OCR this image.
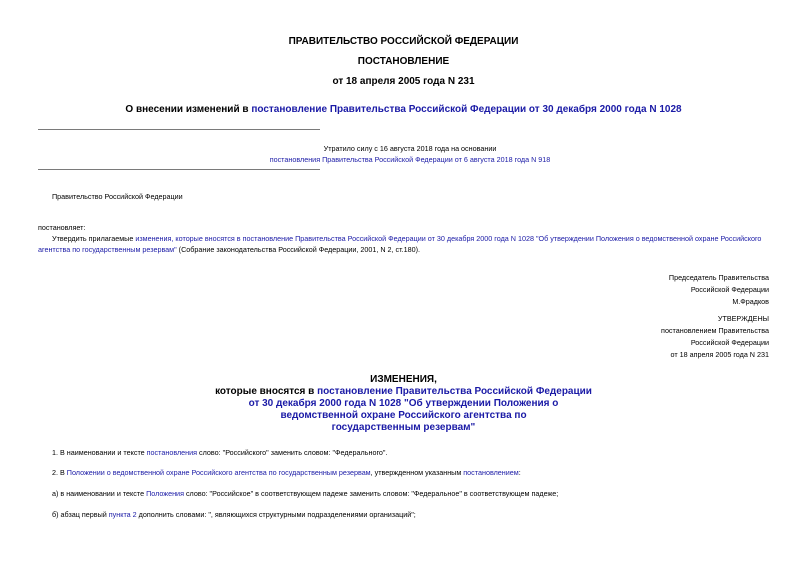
ПРАВИТЕЛЬСТВО РОССИЙСКОЙ ФЕДЕРАЦИИ
ПОСТАНОВЛЕНИЕ
от 18 апреля 2005 года N 231
О внесении изменений в постановление Правительства Российской Федерации от 30 декабря 2000 года N 1028
Утратило силу с 16 августа 2018 года на основании
постановления Правительства Российской Федерации от 6 августа 2018 года N 918
Правительство Российской Федерации
постановляет:
Утвердить прилагаемые изменения, которые вносятся в постановление Правительства Российской Федерации от 30 декабря 2000 года N 1028 "Об утверждении Положения о ведомственной охране Российского агентства по государственным резервам" (Собрание законодательства Российской Федерации, 2001, N 2, ст.180).
Председатель Правительства
Российской Федерации
М.Фрадков
УТВЕРЖДЕНЫ
постановлением Правительства
Российской Федерации
от 18 апреля 2005 года N 231
ИЗМЕНЕНИЯ,
которые вносятся в постановление Правительства Российской Федерации
от 30 декабря 2000 года N 1028 "Об утверждении Положения о
ведомственной охране Российского агентства по
государственным резервам"
1. В наименовании и тексте постановления слово: "Российского" заменить словом: "Федерального".
2. В Положении о ведомственной охране Российского агентства по государственным резервам, утвержденном указанным постановлением:
а) в наименовании и тексте Положения слово: "Российское" в соответствующем падеже заменить словом: "Федеральное" в соответствующем падеже;
б) абзац первый пункта 2 дополнить словами: ", являющихся структурными подразделениями организаций";
